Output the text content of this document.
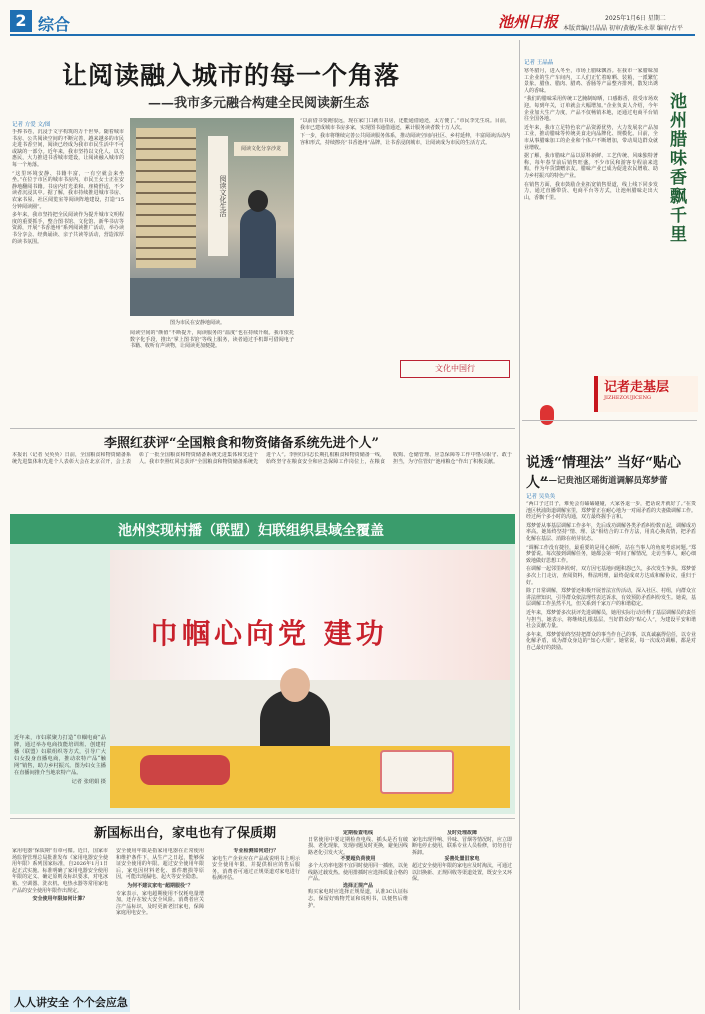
2 综合	池州日报	2025年1月6日 星期二
本版责编/吕晶晶 初审/黄敏/朱永翠 编审/古平
让阅读融入城市的每一个角落
——我市多元融合构建全民阅读新生态
记者 方爱 文/图

手捧书卷，沉浸于文字构筑的万千世界。随着城市书房、公共阅读空间的不断完善，越来越多的市民走进书香空间，阅读已经成为我市市民生活中不可或缺的一部分。近年来，我市坚持以文化人、以文惠民，大力推进书香城市建设，让阅读融入城市的每一个角落。

“这里环境安静、书籍丰富，一有空就会来坐坐。”在位于市区的城市书房内，市民王女士正在安静地翻阅书籍。书房内灯光柔和、座椅舒适，不少读者沉浸其中。据了解，我市持续推进城市书房、农家书屋、社区阅览室等阅读阵地建设，打造“15分钟阅读圈”。

多年来，我市坚持把全民阅读作为提升城市文明程度的重要抓手，整合图书馆、文化馆、新华书店等资源，开展“书香池州”系列阅读推广活动，举办读书分享会、经典诵读、亲子共读等活动，营造浓厚的读书氛围。

阅读文化生活
阅读文化分享沙龙
图为市民在安静地阅读。

阅读空间的“颜值”不断提升，阅读服务的“温度”也在持续升级。我市依托数字化手段，推出“掌上图书馆”等线上服务，读者通过手机即可借阅电子书籍、收听有声读物，让阅读更加便捷。

“以前借书要跑很远，现在家门口就有书房，还能通借通还，太方便了。”市民李先生说。目前，我市已建成城市书房多家，实现图书通借通还，累计服务读者数十万人次。

下一步，我市将继续完善公共阅读服务体系，推动阅读空间向社区、乡村延伸，丰富阅读活动内容和形式，持续擦亮“书香池州”品牌，让书香浸润城市，让阅读成为市民的生活方式。

文化中国行
李照红获评“全国粮食和物资储备系统先进个人”
本报讯（记者 吴奂奂）日前，全国粮食和物资储备系统先进集体和先进个人表彰大会在北京召开，会上表彰了一批全国粮食和物资储备系统先进集体和先进个人。我市李照红同志获评“全国粮食和物资储备系统先进个人”。李照红同志长期扎根粮食和物资储备一线，始终坚守在粮食安全和应急保障工作岗位上，在粮食收购、仓储管理、应急保障等工作中恪尽职守、敢于担当，为守住管好“池州粮仓”作出了积极贡献。
池州实现村播（联盟）妇联组织县域全覆盖
近年来，市妇联聚力打造“巾帼电商”品牌，通过举办电商技能培训班、创建村播（联盟）妇联组织等方式，引导广大妇女投身直播电商，推动农特产品“触网”销售，助力乡村振兴。图为妇女主播在直播间推介当地农特产品。
记者 张珺娟 摄
巾帼心向党 建功
新国标出台，家电也有了保质期

家用电器“保质期”有章可循。近日，国家市场监督管理总局批准发布《家用电器安全使用年限》系列国家标准，自2026年1月1日起正式实施。标准明确了家用电器安全使用年限的定义、确定原则及标识要求，对电冰箱、空调器、洗衣机、电热水器等常用家电产品的安全使用年限作出规定。

安全使用年限如何计算？

安全使用年限是指家用电器在正常使用和维护条件下，从生产之日起，能够保证安全使用的年限。超过安全使用年限后，家电因材料老化、部件磨损等原因，可能出现漏电、起火等安全隐患。

为何不建议家电“超期服役”？

专家表示，家电超期使用不仅耗电量增加，还存在较大安全风险。消费者应关注产品标识，及时更新老旧家电，保障家庭用电安全。

专业检测如何进行？

家电生产企业应在产品或说明书上明示安全使用年限，并提供相应的售后服务。消费者可通过正规渠道对家电进行检测评估。

定期检查电线
日常使用中要定期检查电线、插头是否有破损、老化现象，发现问题及时更换，避免因线路老化引发火灾。
不要超负荷使用
多个大功率电器不宜同时使用同一插座，以免线路过载发热。使用排插时应选择质量合格的产品。
选择正规产品
购买家电时应选择正规渠道，认准3C认证标志，保留好购物凭证和说明书，以便售后维护。
及时处理故障
家电出现异响、异味、冒烟等情况时，应立即断电停止使用，联系专业人员检修，切勿自行拆卸。
妥善处置旧家电
超过安全使用年限的家电应及时淘汰，可通过以旧换新、正规回收等渠道处置，既安全又环保。
人人讲安全 个个会应急
记者 王晶晶

寒冬腊月，进入冬至，市场上腊味飘香。在我市一家腊味加工企业的生产车间内，工人们正忙着晾晒、装箱，一派繁忙景象。腊鱼、腊肉、腊鸡、香肠等产品整齐排列，散发出诱人的香味。

“我们的腊味采用传统工艺腌制晾晒，口感醇香，很受市场欢迎。每到年关，订单就会大幅增加。”企业负责人介绍，今年企业加大生产力度，产品不仅畅销本地，还通过电商平台销往全国各地。

近年来，我市立足特色农产品资源优势，大力发展农产品加工业，推动腊味等传统美食走向品牌化、规模化。目前，全市从事腊味加工的企业和个体户不断增加，带动周边群众就业增收。

据了解，我市腊味产品以原料新鲜、工艺传统、风味独特著称，每年春节前后销售旺盛。不少市民和游客专程前来选购，作为年货馈赠亲友。腊味产业已成为促进农民增收、助力乡村振兴的特色产业。

在销售方面，我市鼓励企业拓宽销售渠道，线上线下同步发力，通过直播带货、电商平台等方式，让池州腊味走出大山，香飘千里。	池州腊味香飘千里
记者走基层
JIZHEZOUJICENG
说透“情理法” 当好“贴心人”
——记贵池区瑶街道调解员郑梦蕾
记者 吴奂奂

“两口子过日子，难免会有磕磕碰碰，大家各退一步，把话说开就好了。”在贵池区秋浦街道调解室里，郑梦蕾正在耐心地为一对闹矛盾的夫妻做调解工作。经过两个多小时的沟通，双方最终握手言和。

郑梦蕾从事基层调解工作多年，先后成功调解各类矛盾纠纷数百起，调解成功率高。她始终坚持“情、理、法”相结合的工作方法，用真心换真情，把矛盾化解在基层、消除在萌芽状态。

“调解工作没有捷径，最重要的是用心倾听，站在当事人的角度考虑问题。”郑梦蕾说。每次接到调解任务，她都会第一时间了解情况，走访当事人，耐心细致地做好思想工作。

在调解一起邻里纠纷时，双方因宅基地问题积怨已久，多次发生争执。郑梦蕾多次上门走访，查阅资料，释法明理，最终促成双方达成和解协议，重归于好。

除了日常调解，郑梦蕾还积极开展普法宣传活动，深入社区、村组，向群众宣讲法律知识，引导群众依法理性表达诉求，有效预防矛盾纠纷发生。她说，基层调解工作虽然平凡，但关系到千家万户的和谐稳定。

近年来，郑梦蕾多次获评先进调解员，她用实际行动诠释了基层调解员的责任与担当。她表示，将继续扎根基层，当好群众的“贴心人”，为建设平安和谐社会贡献力量。

多年来，郑梦蕾始终坚持把群众的事当作自己的事，以真诚赢得信任，以专业化解矛盾，成为群众身边的“知心大姐”。她常说，每一次成功调解，都是对自己最好的鼓励。
